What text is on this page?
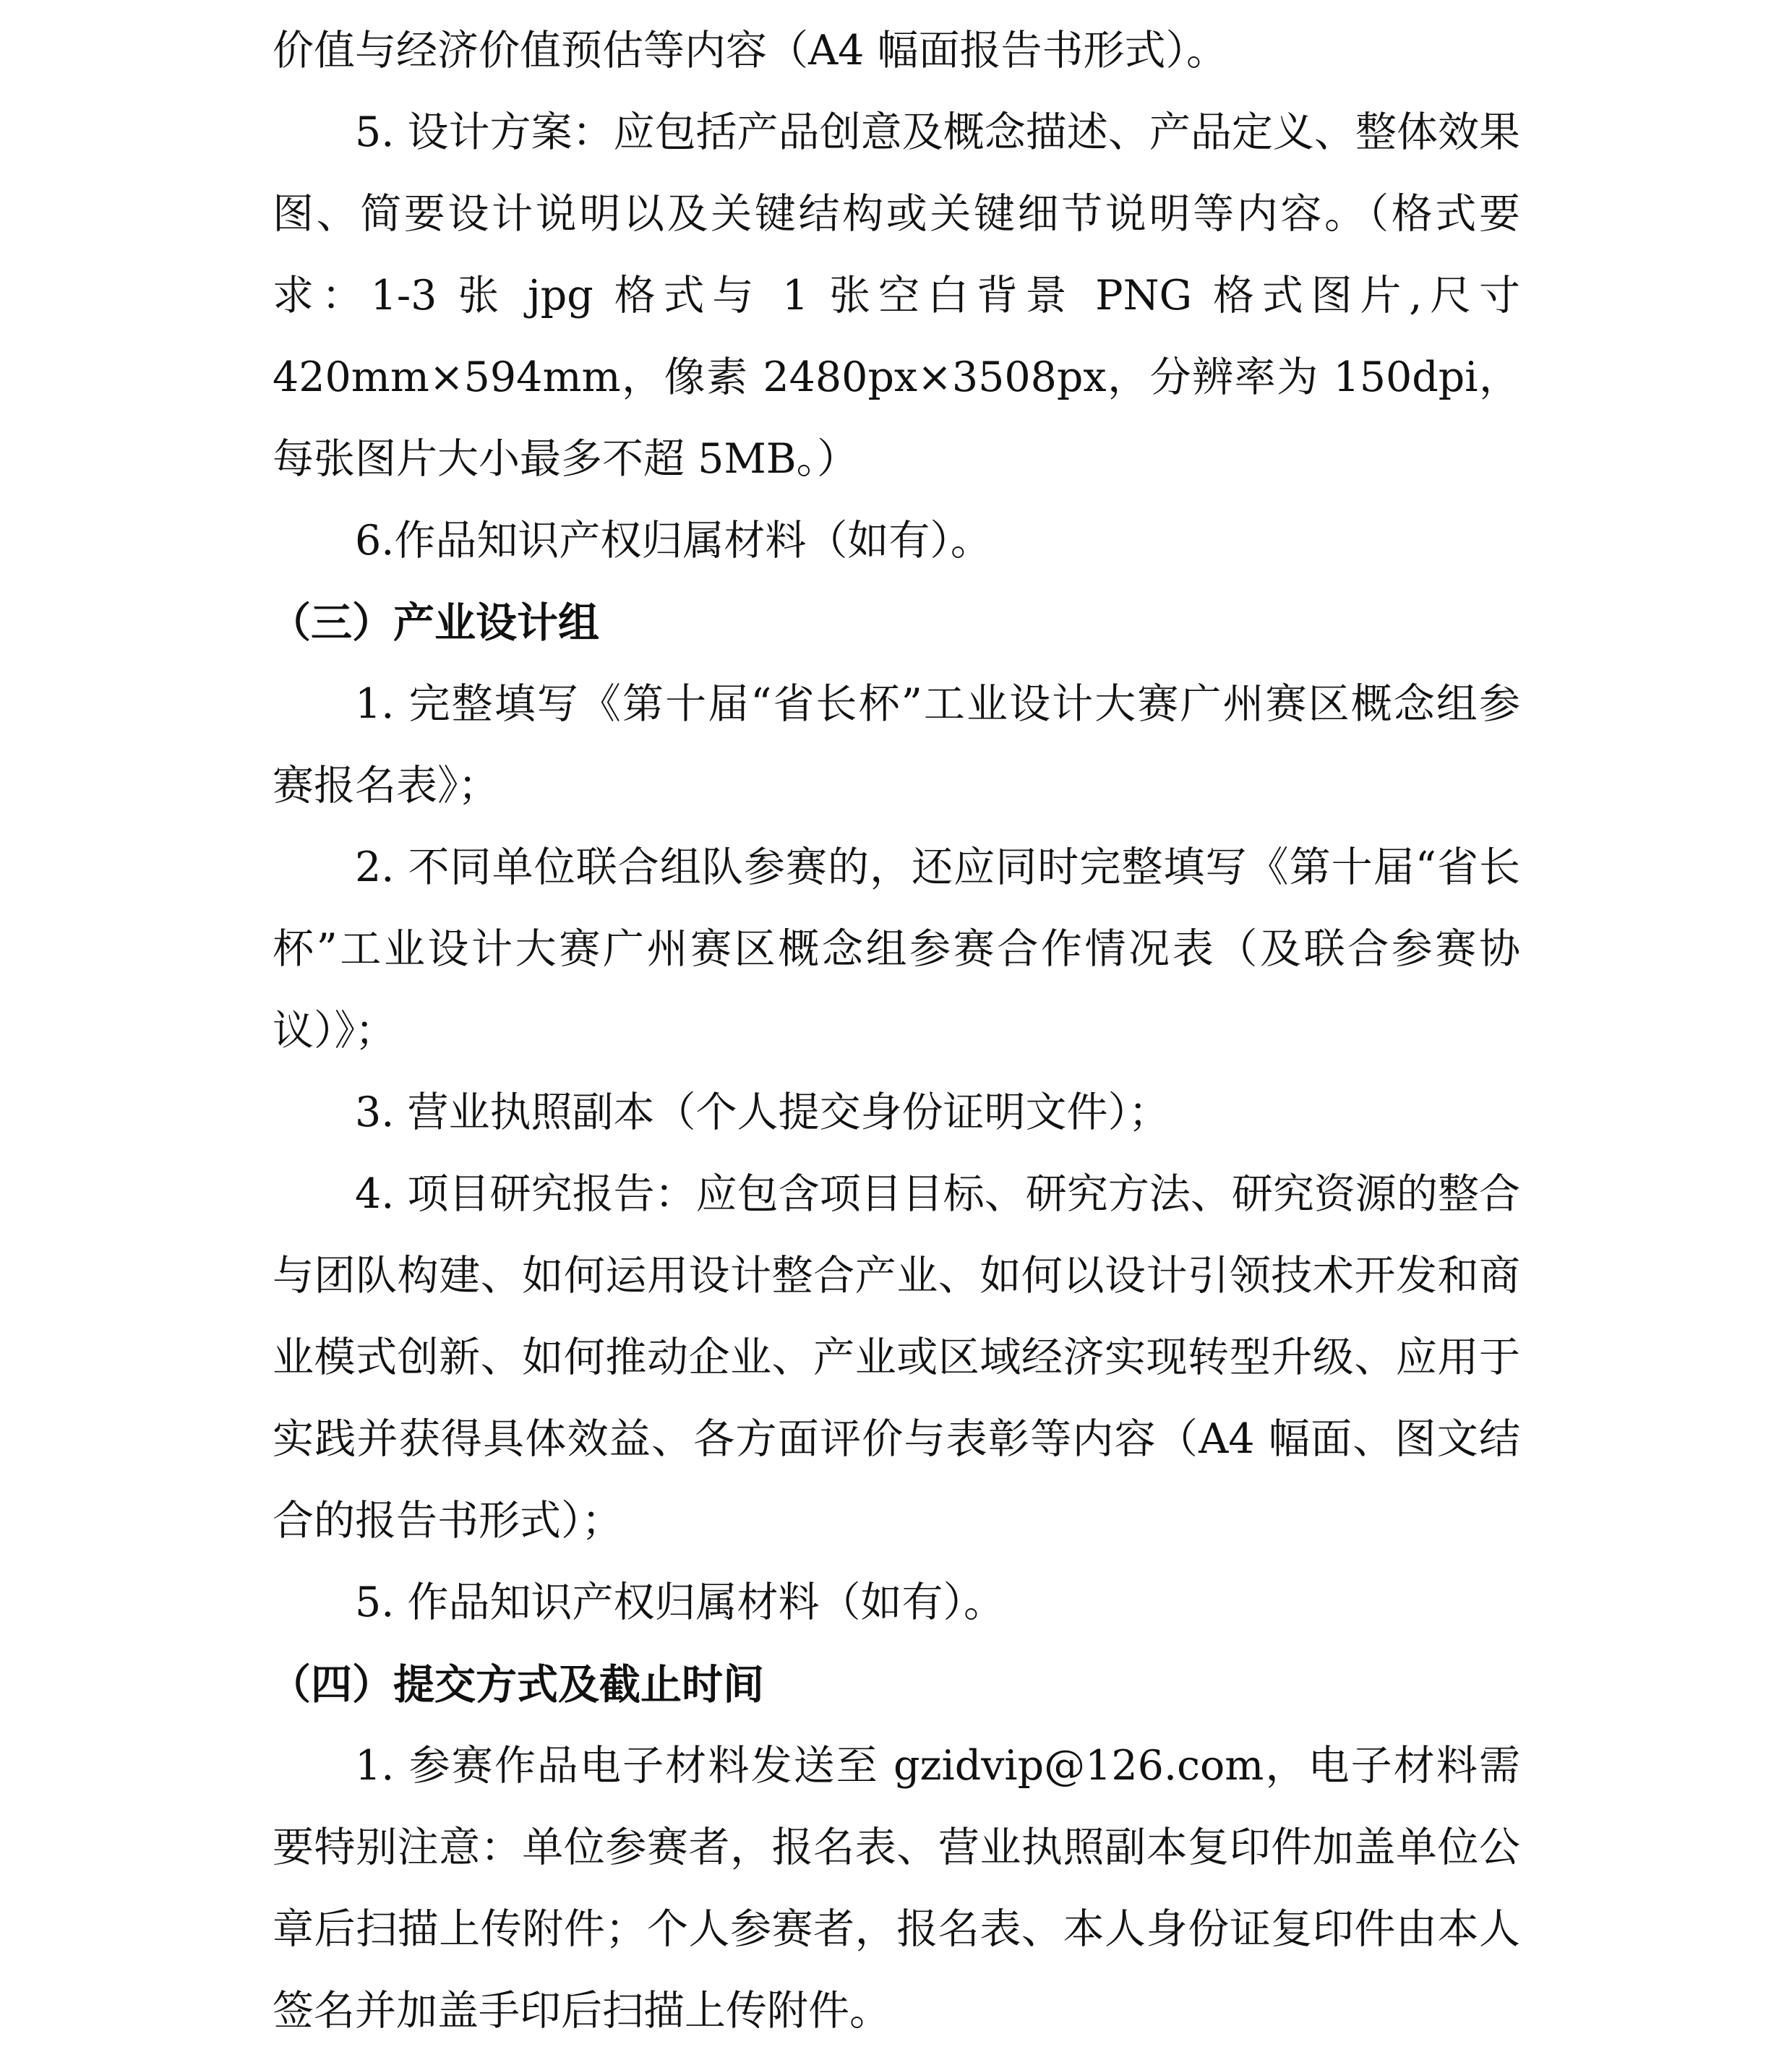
价值与经济价值预估等内容（A4 幅面报告书形式）。

5. 设计方案：应包括产品创意及概念描述、产品定义、整体效果图、简要设计说明以及关键结构或关键细节说明等内容。（格式要求：1-3 张 jpg 格式与 1 张空白背景 PNG 格式图片,尺寸 420mm×594mm，像素 2480px×3508px，分辨率为 150dpi，每张图片大小最多不超 5MB。）

6.作品知识产权归属材料（如有）。

（三）产业设计组

1. 完整填写《第十届“省长杯”工业设计大赛广州赛区概念组参赛报名表》；

2. 不同单位联合组队参赛的，还应同时完整填写《第十届“省长杯”工业设计大赛广州赛区概念组参赛合作情况表（及联合参赛协议）》；

3. 营业执照副本（个人提交身份证明文件）；

4. 项目研究报告：应包含项目目标、研究方法、研究资源的整合与团队构建、如何运用设计整合产业、如何以设计引领技术开发和商业模式创新、如何推动企业、产业或区域经济实现转型升级、应用于实践并获得具体效益、各方面评价与表彰等内容（A4 幅面、图文结合的报告书形式）；

5. 作品知识产权归属材料（如有）。

（四）提交方式及截止时间

1. 参赛作品电子材料发送至 gzidvip@126.com，电子材料需要特别注意：单位参赛者，报名表、营业执照副本复印件加盖单位公章后扫描上传附件；个人参赛者，报名表、本人身份证复印件由本人签名并加盖手印后扫描上传附件。
